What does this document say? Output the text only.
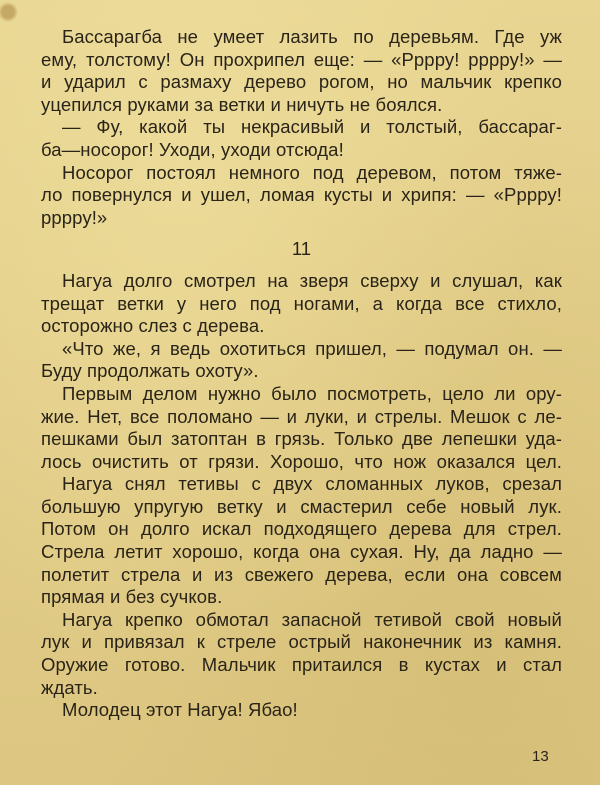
Бассарагба не умеет лазить по деревьям. Где уж
ему, толстому! Он прохрипел еще: — «Рррру! рррру!» —
и ударил с размаху дерево рогом, но мальчик крепко
уцепился руками за ветки и ничуть не боялся.
— Фу, какой ты некрасивый и толстый, бассараг-
ба—носорог! Уходи, уходи отсюда!
Носорог постоял немного под деревом, потом тяже-
ло повернулся и ушел, ломая кусты и хрипя: — «Рррру!
рррру!»
11
Нагуа долго смотрел на зверя сверху и слушал, как
трещат ветки у него под ногами, а когда все стихло,
осторожно слез с дерева.
«Что же, я ведь охотиться пришел, — подумал он. —
Буду продолжать охоту».
Первым делом нужно было посмотреть, цело ли ору-
жие. Нет, все поломано — и луки, и стрелы. Мешок с ле-
пешками был затоптан в грязь. Только две лепешки уда-
лось очистить от грязи. Хорошо, что нож оказался цел.
Нагуа снял тетивы с двух сломанных луков, срезал
большую упругую ветку и смастерил себе новый лук.
Потом он долго искал подходящего дерева для стрел.
Стрела летит хорошо, когда она сухая. Ну, да ладно —
полетит стрела и из свежего дерева, если она совсем
прямая и без сучков.
Нагуа крепко обмотал запасной тетивой свой новый
лук и привязал к стреле острый наконечник из камня.
Оружие готово. Мальчик притаился в кустах и стал
ждать.
Молодец этот Нагуа! Ябао!
13
